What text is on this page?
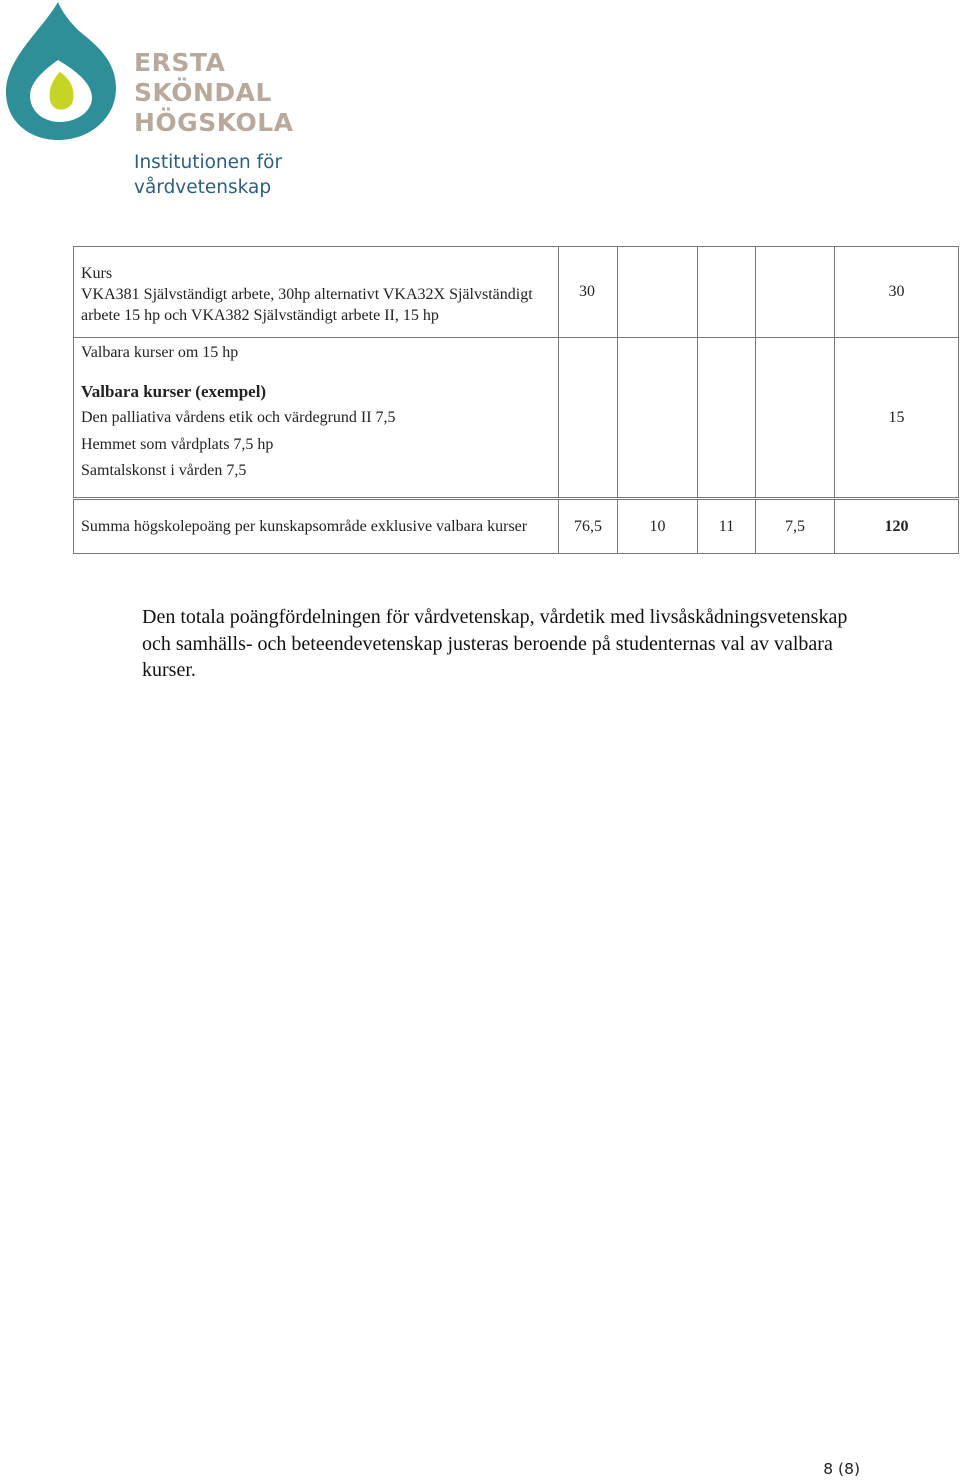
ERSTA
SKÖNDAL
HÖGSKOLA
Institutionen för
vårdvetenskap
Kurs
VKA381 Självständigt arbete, 30hp alternativt VKA32X Självständigt arbete 15 hp och VKA382 Självständigt arbete II, 15 hp	30				30

Valbara kurser om 15 hp
Valbara kurser (exempel)
Den palliativa vårdens etik och värdegrund II 7,5
Hemmet som vårdplats 7,5 hp
Samtalskonst i vården 7,5					15

Summa högskolepoäng per kunskapsområde exklusive valbara kurser	76,5	10	11	7,5	120
Den totala poängfördelningen för vårdvetenskap, vårdetik med livsåskådningsvetenskap och samhälls- och beteendevetenskap justeras beroende på studenternas val av valbara kurser.
8 (8)
